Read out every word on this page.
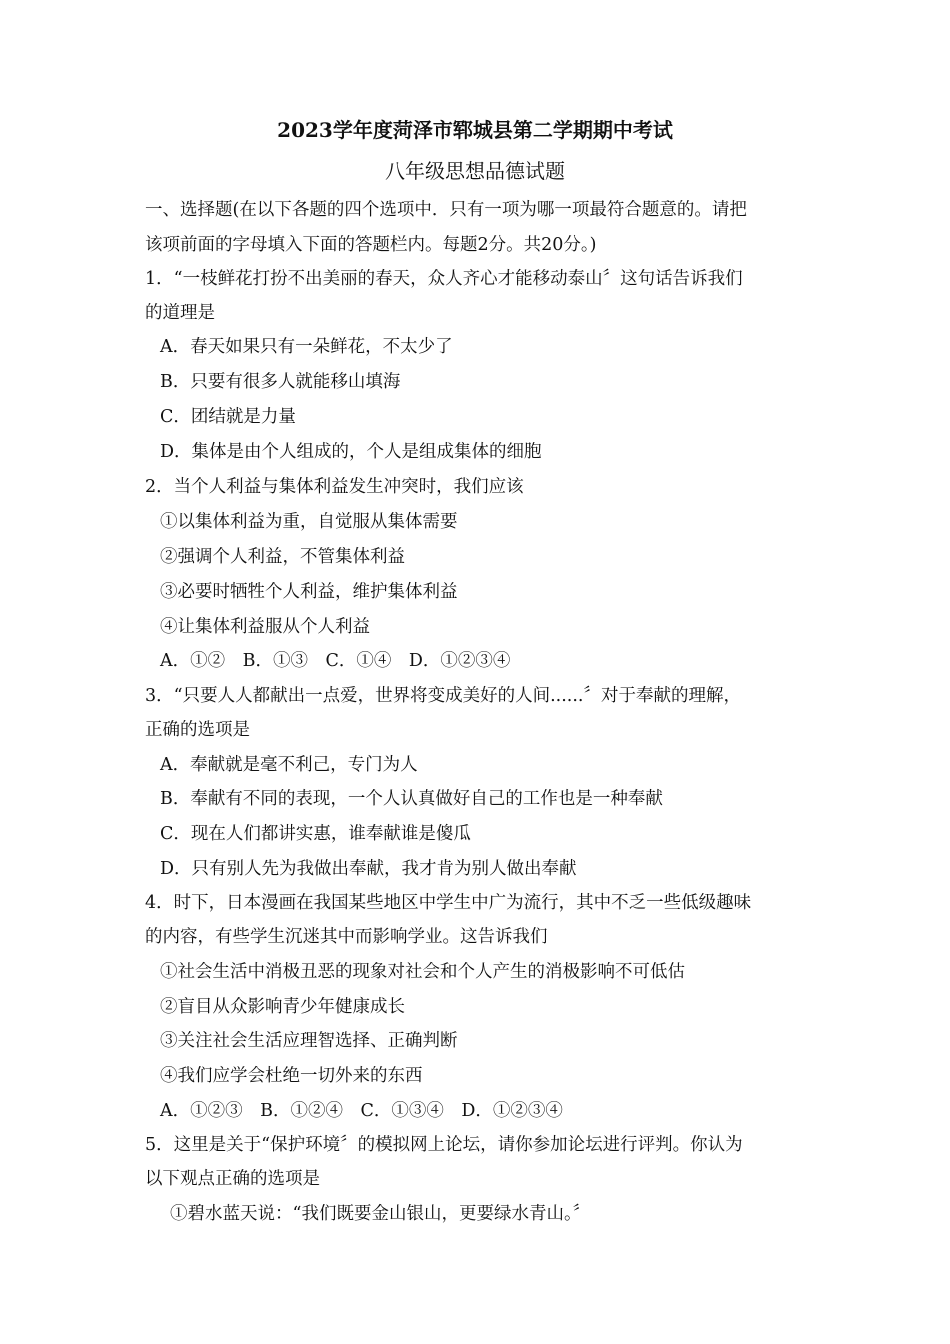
2023学年度菏泽市郓城县第二学期期中考试
八年级思想品德试题
一、选择题(在以下各题的四个选项中．只有一项为哪一项最符合题意的。请把
该项前面的字母填入下面的答题栏内。每题2分。共20分。)
1．“一枝鲜花打扮不出美丽的春天，众人齐心才能移动泰山〞这句话告诉我们
的道理是
A．春天如果只有一朵鲜花，不太少了
B．只要有很多人就能移山填海
C．团结就是力量
D．集体是由个人组成的，个人是组成集体的细胞
2．当个人利益与集体利益发生冲突时，我们应该
①以集体利益为重，自觉服从集体需要
②强调个人利益，不管集体利益
③必要时牺牲个人利益，维护集体利益
④让集体利益服从个人利益
A．①②　B．①③　C．①④　D．①②③④
3．“只要人人都献出一点爱，世界将变成美好的人间......〞对于奉献的理解，
正确的选项是
A．奉献就是毫不利己，专门为人
B．奉献有不同的表现，一个人认真做好自己的工作也是一种奉献
C．现在人们都讲实惠，谁奉献谁是傻瓜
D．只有别人先为我做出奉献，我才肯为别人做出奉献
4．时下，日本漫画在我国某些地区中学生中广为流行，其中不乏一些低级趣味
的内容，有些学生沉迷其中而影响学业。这告诉我们
①社会生活中消极丑恶的现象对社会和个人产生的消极影响不可低估
②盲目从众影响青少年健康成长
③关注社会生活应理智选择、正确判断
④我们应学会杜绝一切外来的东西
A．①②③　B．①②④　C．①③④　D．①②③④
5．这里是关于“保护环境〞的模拟网上论坛，请你参加论坛进行评判。你认为
以下观点正确的选项是
①碧水蓝天说：“我们既要金山银山，更要绿水青山。〞
